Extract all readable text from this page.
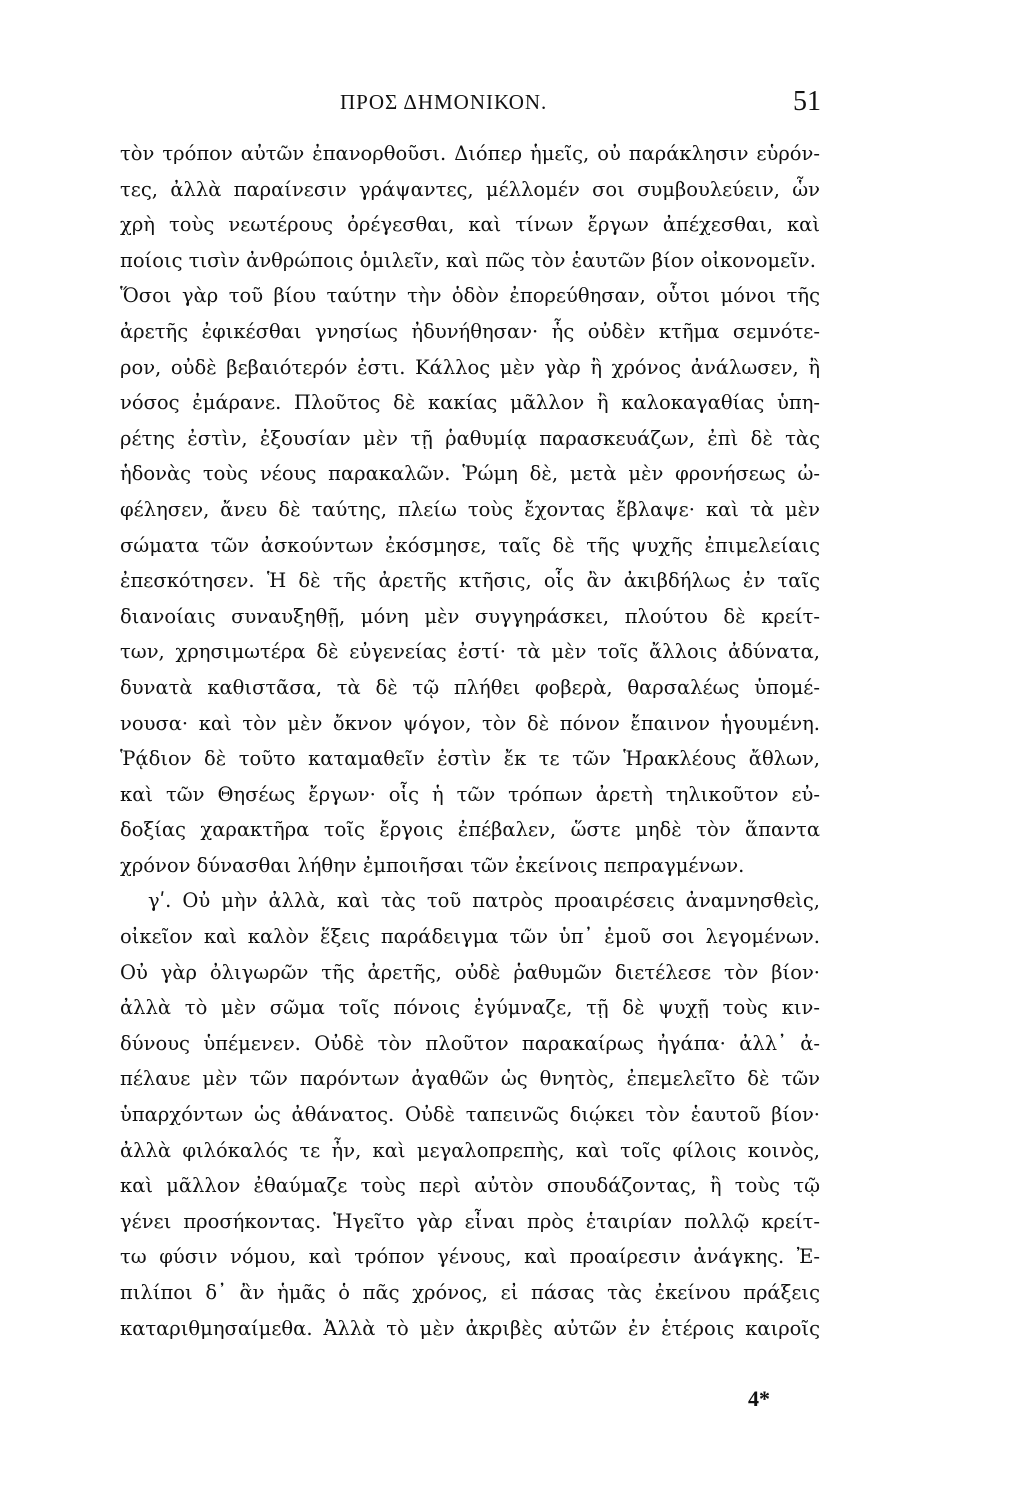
ΠΡΟΣ ΔΗΜΟΝΙΚΟΝ.	51
τὸν τρόπον αὐτῶν ἐπανορθοῦσι. Διόπερ ἡμεῖς, οὐ παράκλησιν εὑρόν-
τες, ἀλλὰ παραίνεσιν γράψαντες, μέλλομέν σοι συμβουλεύειν, ὧν
χρὴ τοὺς νεωτέρους ὀρέγεσθαι, καὶ τίνων ἔργων ἀπέχεσθαι, καὶ
ποίοις τισὶν ἀνθρώποις ὁμιλεῖν, καὶ πῶς τὸν ἑαυτῶν βίον οἰκονομεῖν.
Ὅσοι γὰρ τοῦ βίου ταύτην τὴν ὁδὸν ἐπορεύθησαν, οὗτοι μόνοι τῆς
ἀρετῆς ἐφικέσθαι γνησίως ἠδυνήθησαν· ἧς οὐδὲν κτῆμα σεμνότε-
ρον, οὐδὲ βεβαιότερόν ἐστι. Κάλλος μὲν γὰρ ἢ χρόνος ἀνάλωσεν, ἢ
νόσος ἐμάρανε. Πλοῦτος δὲ κακίας μᾶλλον ἢ καλοκαγαθίας ὑπη-
ρέτης ἐστὶν, ἐξουσίαν μὲν τῇ ῥαθυμίᾳ παρασκευάζων, ἐπὶ δὲ τὰς
ἡδονὰς τοὺς νέους παρακαλῶν. Ῥώμη δὲ, μετὰ μὲν φρονήσεως ὠ-
φέλησεν, ἄνευ δὲ ταύτης, πλείω τοὺς ἔχοντας ἔβλαψε· καὶ τὰ μὲν
σώματα τῶν ἀσκούντων ἐκόσμησε, ταῖς δὲ τῆς ψυχῆς ἐπιμελείαις
ἐπεσκότησεν. Ἡ δὲ τῆς ἀρετῆς κτῆσις, οἷς ἂν ἀκιβδήλως ἐν ταῖς
διανοίαις συναυξηθῇ, μόνη μὲν συγγηράσκει, πλούτου δὲ κρείτ-
των, χρησιμωτέρα δὲ εὐγενείας ἐστί· τὰ μὲν τοῖς ἄλλοις ἀδύνατα,
δυνατὰ καθιστᾶσα, τὰ δὲ τῷ πλήθει φοβερὰ, θαρσαλέως ὑπομέ-
νουσα· καὶ τὸν μὲν ὄκνον ψόγον, τὸν δὲ πόνον ἔπαινον ἡγουμένη.
Ῥᾴδιον δὲ τοῦτο καταμαθεῖν ἐστὶν ἔκ τε τῶν Ἡρακλέους ἄθλων,
καὶ τῶν Θησέως ἔργων· οἷς ἡ τῶν τρόπων ἀρετὴ τηλικοῦτον εὐ-
δοξίας χαρακτῆρα τοῖς ἔργοις ἐπέβαλεν, ὥστε μηδὲ τὸν ἅπαντα
χρόνον δύνασθαι λήθην ἐμποιῆσαι τῶν ἐκείνοις πεπραγμένων.
γʹ. Οὐ μὴν ἀλλὰ, καὶ τὰς τοῦ πατρὸς προαιρέσεις ἀναμνησθεὶς,
οἰκεῖον καὶ καλὸν ἕξεις παράδειγμα τῶν ὑπ᾽ ἐμοῦ σοι λεγομένων.
Οὐ γὰρ ὀλιγωρῶν τῆς ἀρετῆς, οὐδὲ ῥαθυμῶν διετέλεσε τὸν βίον·
ἀλλὰ τὸ μὲν σῶμα τοῖς πόνοις ἐγύμναζε, τῇ δὲ ψυχῇ τοὺς κιν-
δύνους ὑπέμενεν. Οὐδὲ τὸν πλοῦτον παρακαίρως ἠγάπα· ἀλλ᾽ ἀ-
πέλαυε μὲν τῶν παρόντων ἀγαθῶν ὡς θνητὸς, ἐπεμελεῖτο δὲ τῶν
ὑπαρχόντων ὡς ἀθάνατος. Οὐδὲ ταπεινῶς διῴκει τὸν ἑαυτοῦ βίον·
ἀλλὰ φιλόκαλός τε ἦν, καὶ μεγαλοπρεπὴς, καὶ τοῖς φίλοις κοινὸς,
καὶ μᾶλλον ἐθαύμαζε τοὺς περὶ αὐτὸν σπουδάζοντας, ἢ τοὺς τῷ
γένει προσήκοντας. Ἡγεῖτο γὰρ εἶναι πρὸς ἑταιρίαν πολλῷ κρείτ-
τω φύσιν νόμου, καὶ τρόπον γένους, καὶ προαίρεσιν ἀνάγκης. Ἐ-
πιλίποι δ᾽ ἂν ἡμᾶς ὁ πᾶς χρόνος, εἰ πάσας τὰς ἐκείνου πράξεις
καταριθμησαίμεθα. Ἀλλὰ τὸ μὲν ἀκριβὲς αὐτῶν ἐν ἑτέροις καιροῖς
4*
